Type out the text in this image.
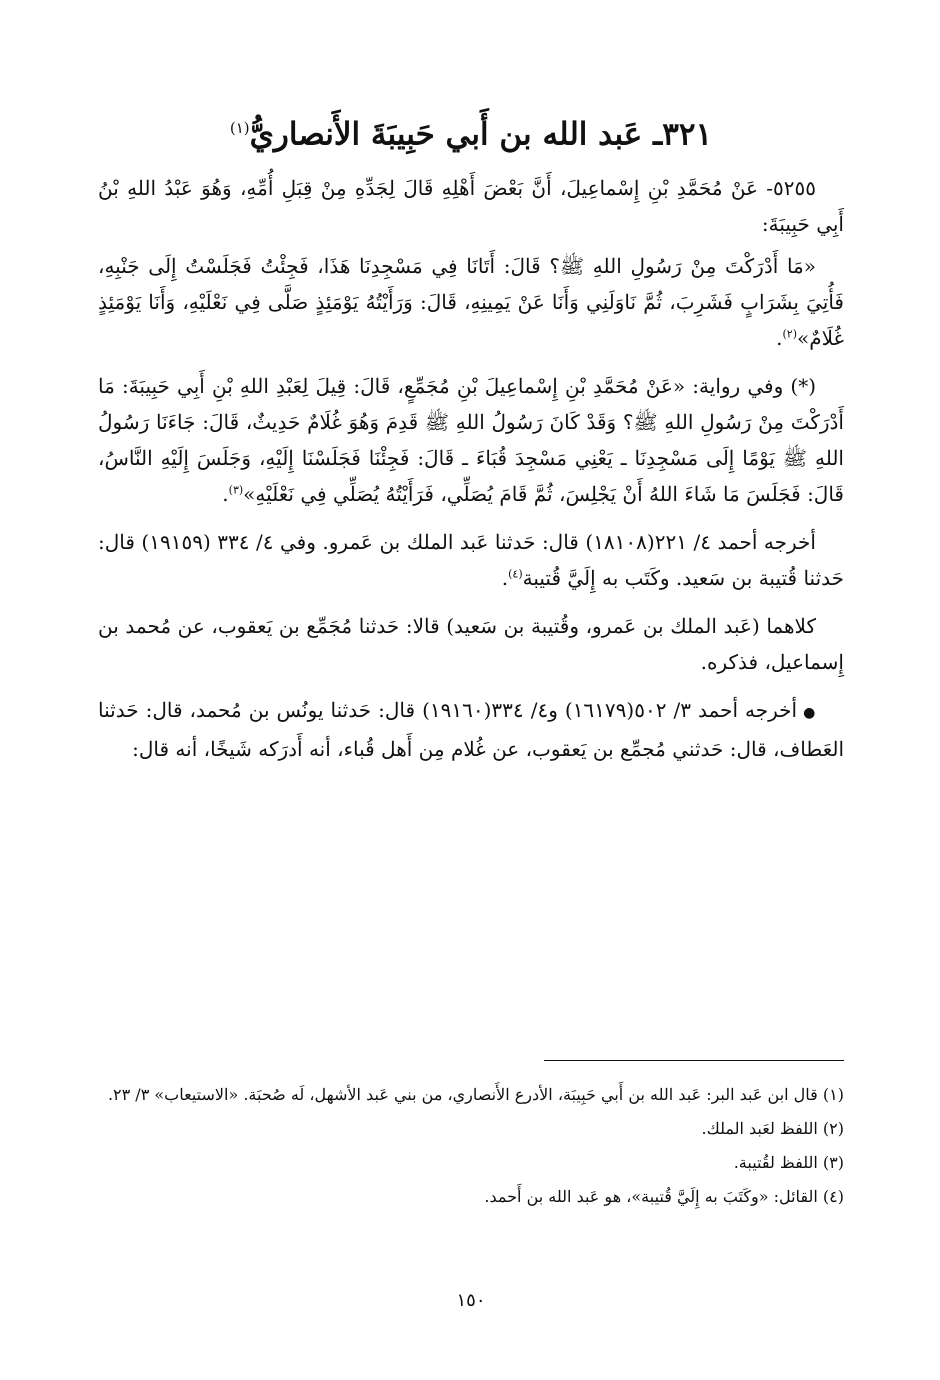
٣٢١ـ عَبد الله بن أَبي حَبِيبَةَ الأَنصاريُّ$^{(١)}$

٥٢٥٥- عَنْ مُحَمَّدِ بْنِ إِسْماعِيلَ، أَنَّ بَعْضَ أَهْلِهِ قَالَ لِجَدِّهِ مِنْ قِبَلِ أُمِّهِ، وَهُوَ عَبْدُ اللهِ بْنُ أَبِي حَبِيبَةَ:

«مَا أَدْرَكْتَ مِنْ رَسُولِ اللهِ ﷺ؟ قَالَ: أَتَانَا فِي مَسْجِدِنَا هَذَا، فَجِئْتُ فَجَلَسْتُ إِلَى جَنْبِهِ، فَأُتِيَ بِشَرَابٍ فَشَرِبَ، ثُمَّ نَاوَلَنِي وَأَنَا عَنْ يَمِينِهِ، قَالَ: وَرَأَيْتُهُ يَوْمَئِذٍ صَلَّى فِي نَعْلَيْهِ، وَأَنَا يَوْمَئِذٍ غُلَامٌ»$^{(٢)}$.

(*) وفي رواية: «عَنْ مُحَمَّدِ بْنِ إِسْماعِيلَ بْنِ مُجَمِّعٍ، قَالَ: قِيلَ لِعَبْدِ اللهِ بْنِ أَبِي حَبِيبَةَ: مَا أَدْرَكْتَ مِنْ رَسُولِ اللهِ ﷺ؟ وَقَدْ كَانَ رَسُولُ اللهِ ﷺ قَدِمَ وَهُوَ غُلَامٌ حَدِيثٌ، قَالَ: جَاءَنَا رَسُولُ اللهِ ﷺ يَوْمًا إِلَى مَسْجِدِنَا ـ يَعْنِي مَسْجِدَ قُبَاءَ ـ قَالَ: فَجِئْنَا فَجَلَسْنَا إِلَيْهِ، وَجَلَسَ إِلَيْهِ النَّاسُ، قَالَ: فَجَلَسَ مَا شَاءَ اللهُ أَنْ يَجْلِسَ، ثُمَّ قَامَ يُصَلِّي، فَرَأَيْتُهُ يُصَلِّي فِي نَعْلَيْهِ»$^{(٣)}$.

أخرجه أحمد ٤/ ٢٢١(١٨١٠٨) قال: حَدثنا عَبد الملك بن عَمرو. وفي ٤/ ٣٣٤ (١٩١٥٩) قال: حَدثنا قُتيبة بن سَعيد. وكَتَب به إِلَيَّ قُتيبة$^{(٤)}$.

كلاهما (عَبد الملك بن عَمرو، وقُتيبة بن سَعيد) قالا: حَدثنا مُجَمِّع بن يَعقوب، عن مُحمد بن إِسماعيل، فذكره.

●أخرجه أحمد ٣/ ٥٠٢(١٦١٧٩) و٤/ ٣٣٤(١٩١٦٠) قال: حَدثنا يونُس بن مُحمد، قال: حَدثنا العَطاف، قال: حَدثني مُجمِّع بن يَعقوب، عن غُلام مِن أَهل قُباء، أنه أَدرَكه شَيخًا، أنه قال:

(١) قال ابن عَبد البر: عَبد الله بن أَبي حَبِيبَة، الأدرع الأَنصاري، من بني عَبد الأشهل، لَه صُحبَة. «الاستيعاب» ٣/ ٢٣.

(٢) اللفظ لعَبد الملك.

(٣) اللفظ لقُتيبة.

(٤) القائل: «وكَتَبَ به إِلَيَّ قُتيبة»، هو عَبد الله بن أَحمد.

١٥٠
